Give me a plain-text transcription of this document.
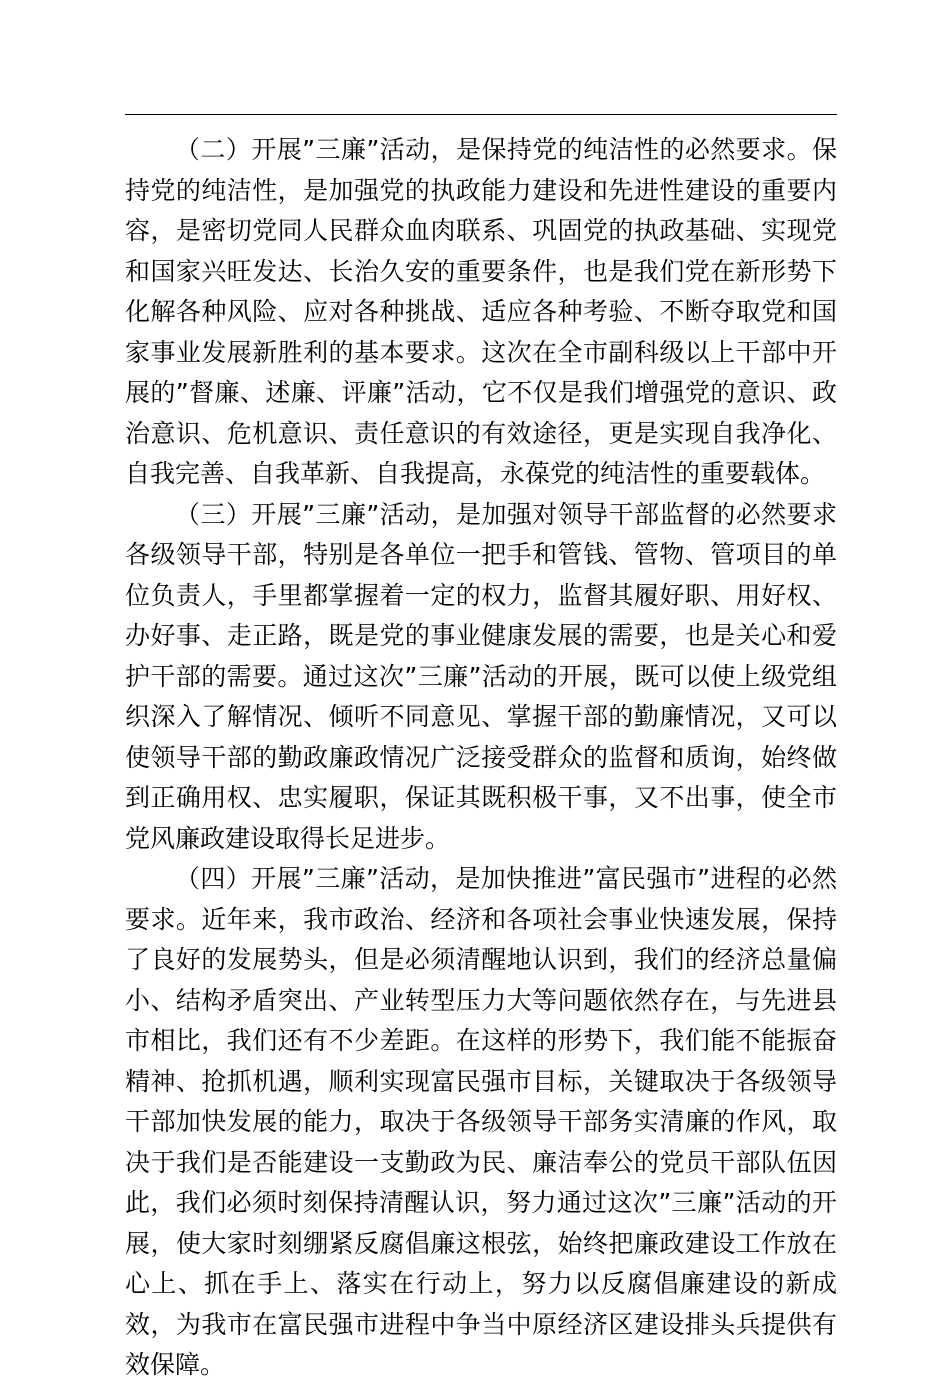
（二）开展”三廉”活动，是保持党的纯洁性的必然要求。保持党的纯洁性，是加强党的执政能力建设和先进性建设的重要内容，是密切党同人民群众血肉联系、巩固党的执政基础、实现党和国家兴旺发达、长治久安的重要条件，也是我们党在新形势下化解各种风险、应对各种挑战、适应各种考验、不断夺取党和国家事业发展新胜利的基本要求。这次在全市副科级以上干部中开展的”督廉、述廉、评廉”活动，它不仅是我们增强党的意识、政治意识、危机意识、责任意识的有效途径，更是实现自我净化、自我完善、自我革新、自我提高，永葆党的纯洁性的重要载体。

（三）开展”三廉”活动，是加强对领导干部监督的必然要求各级领导干部，特别是各单位一把手和管钱、管物、管项目的单位负责人，手里都掌握着一定的权力，监督其履好职、用好权、办好事、走正路，既是党的事业健康发展的需要，也是关心和爱护干部的需要。通过这次”三廉”活动的开展，既可以使上级党组织深入了解情况、倾听不同意见、掌握干部的勤廉情况，又可以使领导干部的勤政廉政情况广泛接受群众的监督和质询，始终做到正确用权、忠实履职，保证其既积极干事，又不出事，使全市党风廉政建设取得长足进步。

（四）开展”三廉”活动，是加快推进”富民强市”进程的必然要求。近年来，我市政治、经济和各项社会事业快速发展，保持了良好的发展势头，但是必须清醒地认识到，我们的经济总量偏小、结构矛盾突出、产业转型压力大等问题依然存在，与先进县市相比，我们还有不少差距。在这样的形势下，我们能不能振奋精神、抢抓机遇，顺利实现富民强市目标，关键取决于各级领导干部加快发展的能力，取决于各级领导干部务实清廉的作风，取决于我们是否能建设一支勤政为民、廉洁奉公的党员干部队伍因此，我们必须时刻保持清醒认识，努力通过这次”三廉”活动的开展，使大家时刻绷紧反腐倡廉这根弦，始终把廉政建设工作放在心上、抓在手上、落实在行动上，努力以反腐倡廉建设的新成效，为我市在富民强市进程中争当中原经济区建设排头兵提供有效保障。
